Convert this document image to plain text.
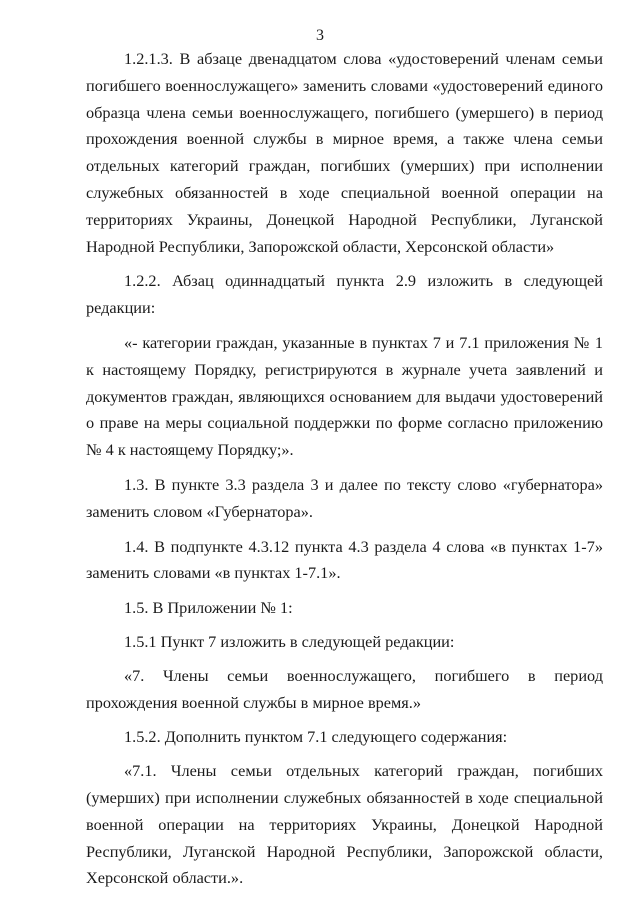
3

1.2.1.3. В абзаце двенадцатом слова «удостоверений членам семьи погибшего военнослужащего» заменить словами «удостоверений единого образца члена семьи военнослужащего, погибшего (умершего) в период прохождения военной службы в мирное время, а также члена семьи отдельных категорий граждан, погибших (умерших) при исполнении служебных обязанностей в ходе специальной военной операции на территориях Украины, Донецкой Народной Республики, Луганской Народной Республики, Запорожской области, Херсонской области»

1.2.2. Абзац одиннадцатый пункта 2.9 изложить в следующей редакции:

«- категории граждан, указанные в пунктах 7 и 7.1 приложения № 1 к настоящему Порядку, регистрируются в журнале учета заявлений и документов граждан, являющихся основанием для выдачи удостоверений о праве на меры социальной поддержки по форме согласно приложению № 4 к настоящему Порядку;».

1.3. В пункте 3.3 раздела 3 и далее по тексту слово «губернатора» заменить словом «Губернатора».

1.4. В подпункте 4.3.12 пункта 4.3 раздела 4 слова «в пунктах 1-7» заменить словами «в пунктах 1-7.1».

1.5. В Приложении № 1:

1.5.1 Пункт 7 изложить в следующей редакции:

«7. Члены семьи военнослужащего, погибшего в период прохождения военной службы в мирное время.»

1.5.2. Дополнить пунктом 7.1 следующего содержания:

«7.1. Члены семьи отдельных категорий граждан, погибших (умерших) при исполнении служебных обязанностей в ходе специальной военной операции на территориях Украины, Донецкой Народной Республики, Луганской Народной Республики, Запорожской области, Херсонской области.».
